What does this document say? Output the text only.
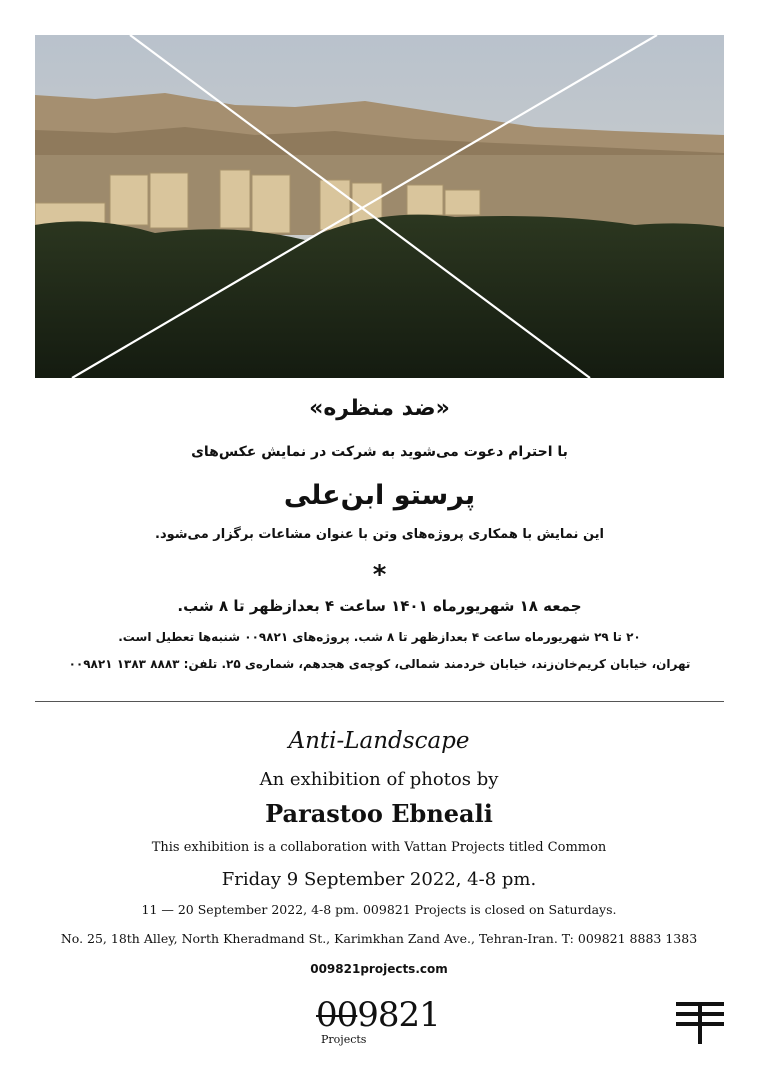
«ضد منظره»
با احترام دعوت می‌شوید به شرکت در نمایش عکس‌های
پرستو ابن‌علی
این نمایش با همکاری پروژه‌های وتن با عنوان مشاعات برگزار می‌شود.
*
جمعه ۱۸ شهریورماه ۱۴۰۱ ساعت ۴ بعدازظهر تا ۸ شب.
۲۰ تا ۲۹ شهریورماه ساعت ۴ بعدازظهر تا ۸ شب. پروژه‌های ۰۰۹۸۲۱ شنبه‌ها تعطیل است.
تهران، خیابان کریم‌خان‌زند، خیابان خردمند شمالی، کوچه‌ی هجدهم، شماره‌ی ۲۵. تلفن: ۸۸۸۳ ۱۳۸۳ ۰۰۹۸۲۱
Anti-Landscape
An exhibition of photos by
Parastoo Ebneali
This exhibition is a collaboration with Vattan Projects titled Common
Friday 9 September 2022, 4-8 pm.
11 — 20 September 2022, 4-8 pm. 009821 Projects is closed on Saturdays.
No. 25, 18th Alley, North Kheradmand St., Karimkhan Zand Ave., Tehran-Iran. T: 009821 8883 1383
009821projects.com
009821
Projects
